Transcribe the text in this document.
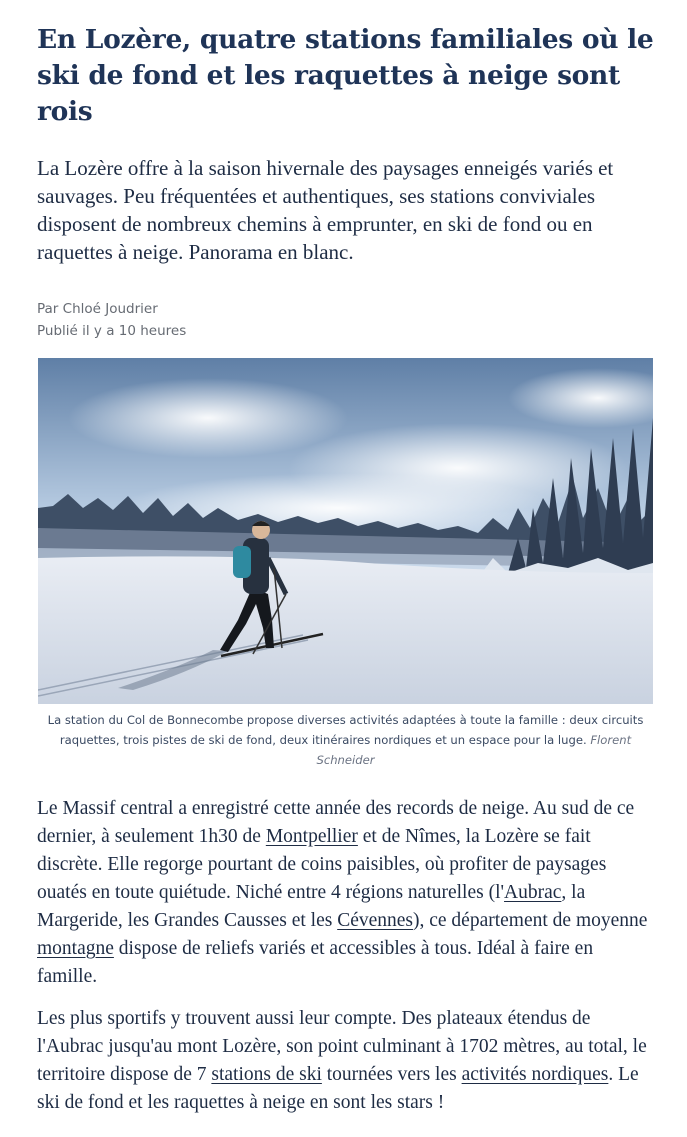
En Lozère, quatre stations familiales où le ski de fond et les raquettes à neige sont rois

La Lozère offre à la saison hivernale des paysages enneigés variés et sauvages. Peu fréquentées et authentiques, ses stations conviviales disposent de nombreux chemins à emprunter, en ski de fond ou en raquettes à neige. Panorama en blanc.

Par Chloé Joudrier
Publié il y a 10 heures
La station du Col de Bonnecombe propose diverses activités adaptées à toute la famille : deux circuits raquettes, trois pistes de ski de fond, deux itinéraires nordiques et un espace pour la luge. Florent Schneider

Le Massif central a enregistré cette année des records de neige. Au sud de ce dernier, à seulement 1h30 de Montpellier et de Nîmes, la Lozère se fait discrète. Elle regorge pourtant de coins paisibles, où profiter de paysages ouatés en toute quiétude. Niché entre 4 régions naturelles (l'Aubrac, la Margeride, les Grandes Causses et les Cévennes), ce département de moyenne montagne dispose de reliefs variés et accessibles à tous. Idéal à faire en famille.

Les plus sportifs y trouvent aussi leur compte. Des plateaux étendus de l'Aubrac jusqu'au mont Lozère, son point culminant à 1702 mètres, au total, le territoire dispose de 7 stations de ski tournées vers les activités nordiques. Le ski de fond et les raquettes à neige en sont les stars !
